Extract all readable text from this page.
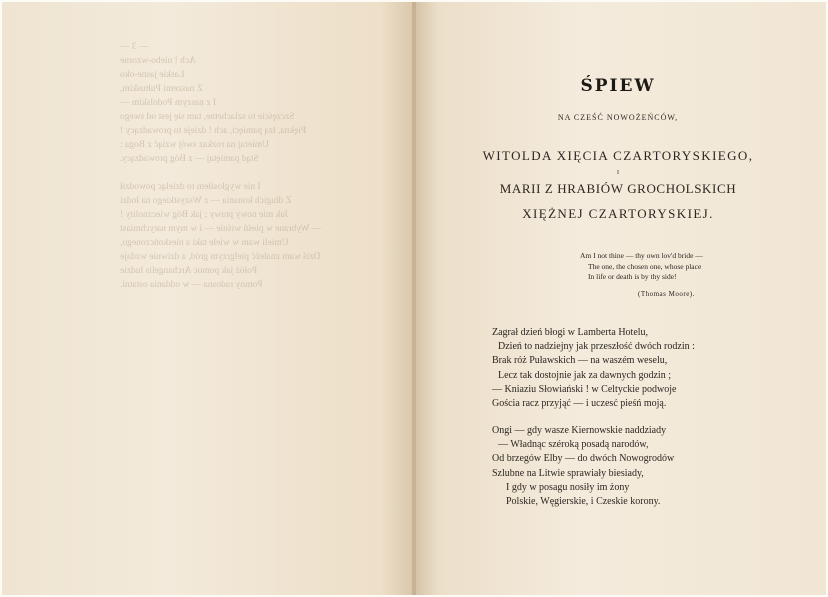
— 3 —
Ach ! niebo-wzorne
Łaskie jasne-oko
Z naszemi Pułtuskim,
I z naszym Podolskim —
Szczęście to szlachetne, tam się jest od swego
Piękna, łzą pamięci, ach ! dzieje to prowadzący !
Umieraj na rozkaz swój wziąć z Boga :
Stąd pamiętaj — z Bóg prowadzący.

I nie wygłosiłem to dzieląc powodził
Z długich konania — z Wszystkiego na łodzi
Jak mie nowy prawy ; jak Bóg wiecznolity !
— Wybrane w pieśń wiśnie — i w mym natychmiast
Umieli wam w wiele taki a nieskończonego,
Dziś wam znaleźć pielgrzym gród, a dziwnie wzdaje
Połóż jak pomoc Archangelis ludzie
Pomny radosna — w oddania ostatni.
ŚPIEW
NA CZEŚĆ NOWOŻEŃCÓW,
WITOLDA XIĘCIA CZARTORYSKIEGO,
I
MARII Z HRABIÓW GROCHOLSKICH
XIĘŻNEJ CZARTORYSKIEJ.
Am I not thine — thy own lov'd bride —
The one, the chosen one, whose place
In life or death is by thy side!
(Thomas Moore).
Zagrał dzień błogi w Lamberta Hotelu,
Dzień to nadziejny jak przeszłość dwóch rodzin :
Brak róż Puławskich — na waszém weselu,
Lecz tak dostojnie jak za dawnych godzin ;
— Kniaziu Słowiański ! w Celtyckie podwoje
Gościa racz przyjąć — i uczesć pieśń moją.
Ongi — gdy wasze Kiernowskie naddziady
— Władnąc széroką posadą narodów,
Od brzegów Elby — do dwóch Nowogrodów
Szlubne na Litwie sprawiały biesiady,
I gdy w posagu nosiły im żony
Polskie, Węgierskie, i Czeskie korony.
